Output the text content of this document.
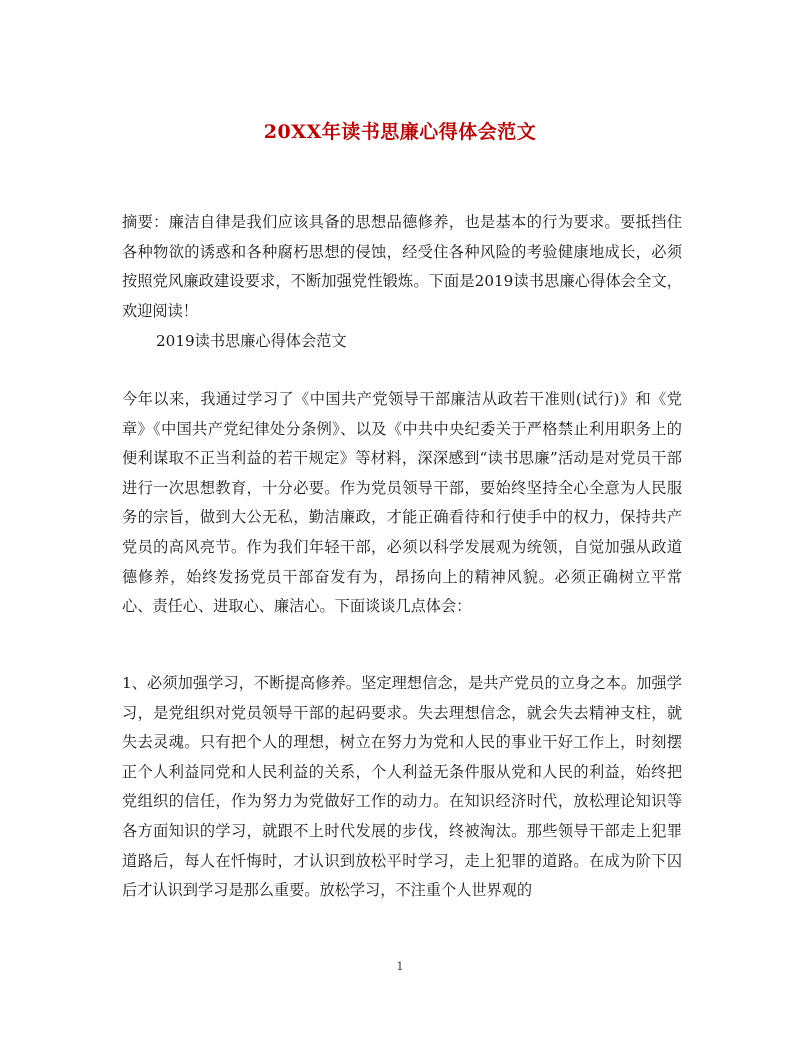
20XX年读书思廉心得体会范文
摘要：廉洁自律是我们应该具备的思想品德修养，也是基本的行为要求。要抵挡住各种物欲的诱惑和各种腐朽思想的侵蚀，经受住各种风险的考验健康地成长，必须按照党风廉政建设要求，不断加强党性锻炼。下面是2019读书思廉心得体会全文，欢迎阅读！
2019读书思廉心得体会范文
今年以来，我通过学习了《中国共产党领导干部廉洁从政若干准则(试行)》和《党章》《中国共产党纪律处分条例》、以及《中共中央纪委关于严格禁止利用职务上的便利谋取不正当利益的若干规定》等材料，深深感到“读书思廉”活动是对党员干部进行一次思想教育，十分必要。作为党员领导干部，要始终坚持全心全意为人民服务的宗旨，做到大公无私，勤洁廉政，才能正确看待和行使手中的权力，保持共产党员的高风亮节。作为我们年轻干部，必须以科学发展观为统领，自觉加强从政道德修养，始终发扬党员干部奋发有为，昂扬向上的精神风貌。必须正确树立平常心、责任心、进取心、廉洁心。下面谈谈几点体会：
1、必须加强学习，不断提高修养。坚定理想信念，是共产党员的立身之本。加强学习，是党组织对党员领导干部的起码要求。失去理想信念，就会失去精神支柱，就失去灵魂。只有把个人的理想，树立在努力为党和人民的事业干好工作上，时刻摆正个人利益同党和人民利益的关系，个人利益无条件服从党和人民的利益，始终把党组织的信任，作为努力为党做好工作的动力。在知识经济时代，放松理论知识等各方面知识的学习，就跟不上时代发展的步伐，终被淘汰。那些领导干部走上犯罪道路后，每人在忏悔时，才认识到放松平时学习，走上犯罪的道路。在成为阶下囚后才认识到学习是那么重要。放松学习，不注重个人世界观的
1
